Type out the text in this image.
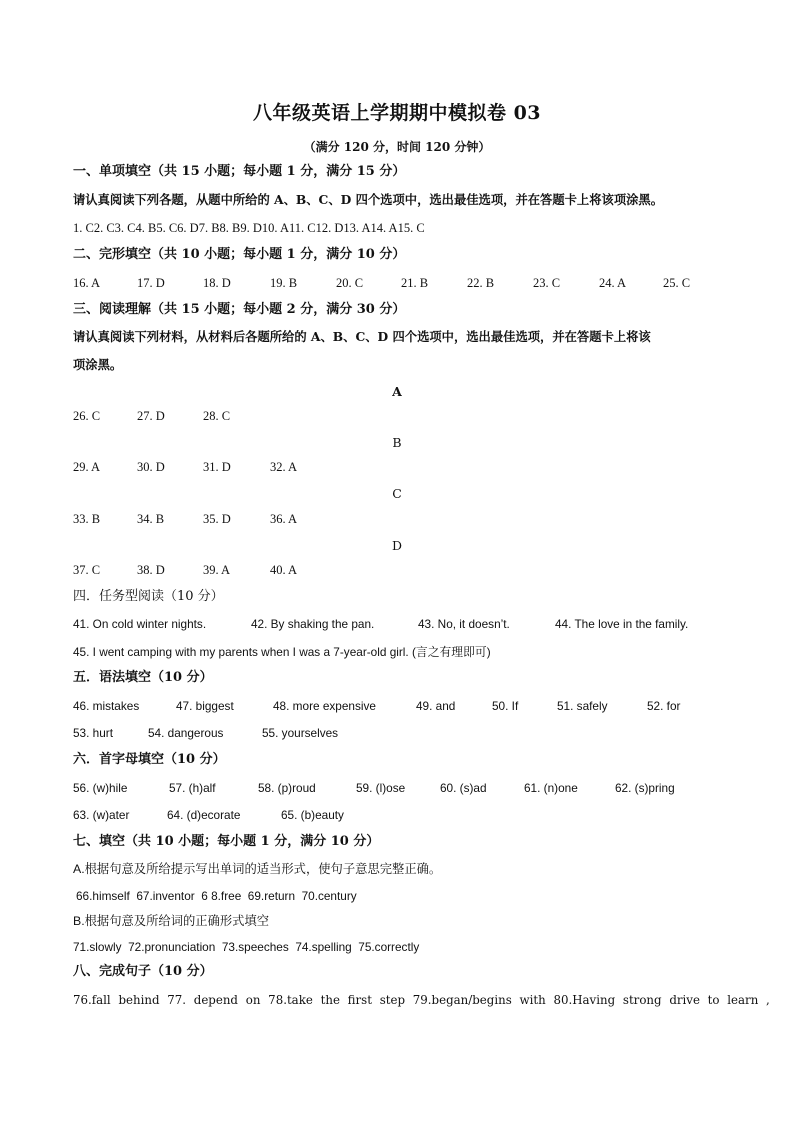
八年级英语上学期期中模拟卷 03
（满分 120 分，时间 120 分钟）
一、单项填空（共 15 小题；每小题 1 分，满分 15 分）
请认真阅读下列各题，从题中所给的 A、B、C、D 四个选项中，选出最佳选项，并在答题卡上将该项涂黑。
1. C2. C3. C4. B5. C6. D7. B8. B9. D10. A11. C12. D13. A14. A15. C
二、完形填空（共 10 小题；每小题 1 分，满分 10 分）
16. A	17. D	18. D	19. B	20. C	21. B	22. B	23. C	24. A	25. C
三、阅读理解（共 15 小题；每小题 2 分，满分 30 分）
请认真阅读下列材料，从材料后各题所给的 A、B、C、D 四个选项中，选出最佳选项，并在答题卡上将该
项涂黑。
A
26. C	27. D	28. C
B
29. A	30. D	31. D	32. A
C
33. B	34. B	35. D	36. A
D
37. C	38. D	39. A	40. A
四．任务型阅读（10 分）
41. On cold winter nights.	42. By shaking the pan.	43. No, it doesn’t.	44. The love in the family.
45. I went camping with my parents when I was a 7-year-old girl. (言之有理即可)
五．语法填空（10 分）
46. mistakes	47. biggest	48. more expensive	49. and	50. If	51. safely	52. for
53. hurt	54. dangerous	55. yourselves
六．首字母填空（10 分）
56. (w)hile	57. (h)alf	58. (p)roud	59. (l)ose	60. (s)ad	61. (n)one	62. (s)pring
63. (w)ater	64. (d)ecorate	65. (b)eauty
七、填空（共 10 小题；每小题 1 分，满分 10 分）
A.根据句意及所给提示写出单词的适当形式，使句子意思完整正确。
66.himself  67.inventor  6 8.free  69.return  70.century
B.根据句意及所给词的正确形式填空
71.slowly  72.pronunciation  73.speeches  74.spelling  75.correctly
八、完成句子（10 分）
76.fall behind 77. depend on 78.take the first step 79.began/begins with 80.Having strong drive to learn ,
